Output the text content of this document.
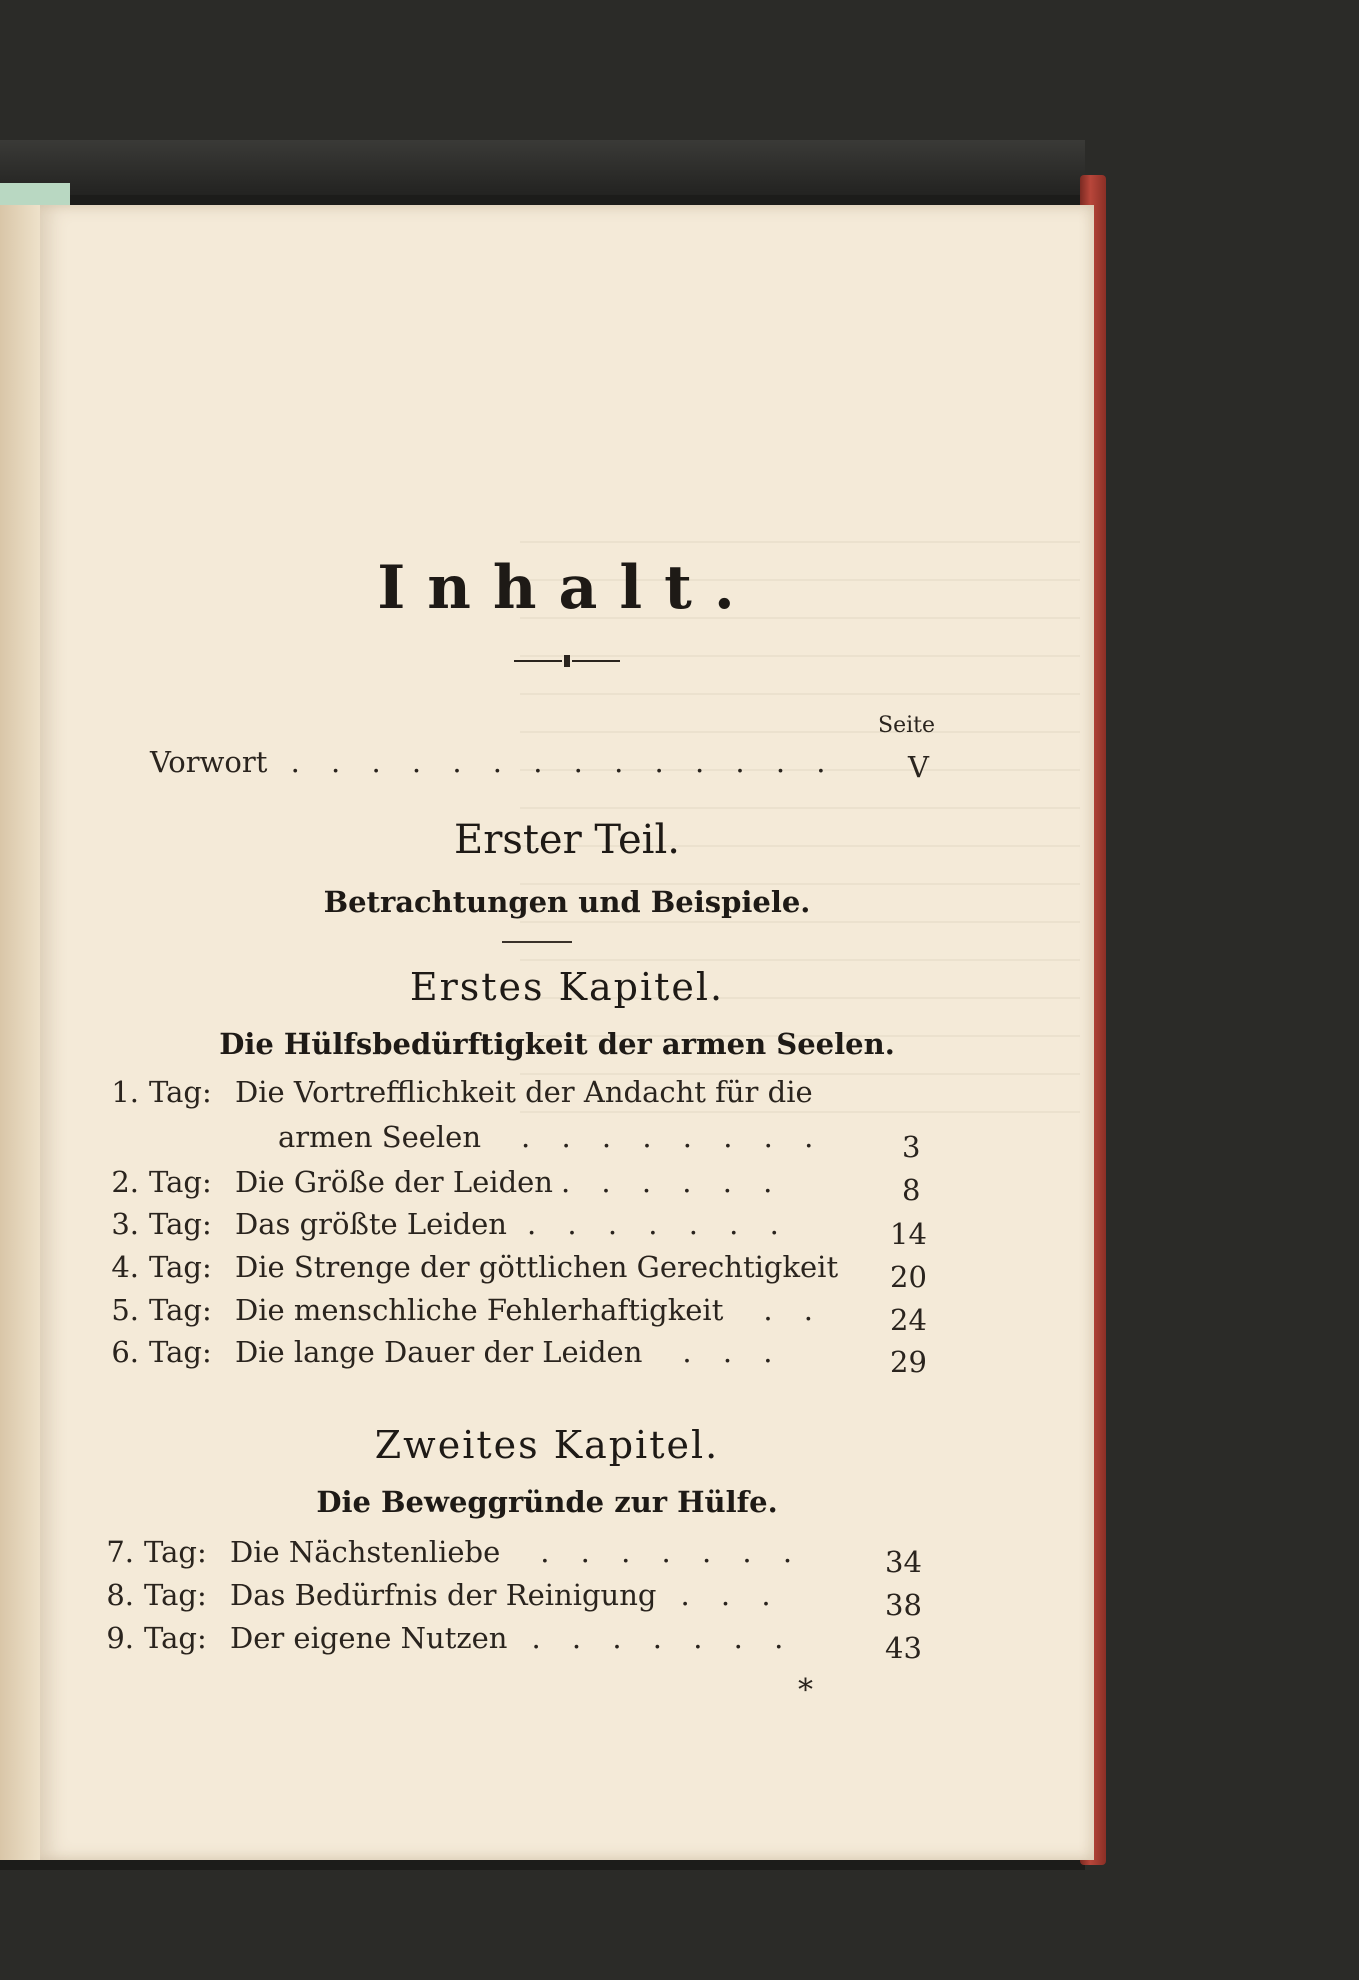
Inhalt.
Seite
Vorwort . . . . . . . . . . . . . . V
Erster Teil.
Betrachtungen und Beispiele.
Erstes Kapitel.
Die Hülfsbedürftigkeit der armen Seelen.
1. Tag: Die Vortrefflichkeit der Andacht für die
armen Seelen . . . . . . . .	3
2. Tag: Die Größe der Leiden . . . . . .	8
3. Tag: Das größte Leiden . . . . . . .	14
4. Tag: Die Strenge der göttlichen Gerechtigkeit 20
5. Tag: Die menschliche Fehlerhaftigkeit . . 24
6. Tag: Die lange Dauer der Leiden . . .	29
Zweites Kapitel.
Die Beweggründe zur Hülfe.
7. Tag: Die Nächstenliebe . . . . . . .	34
8. Tag: Das Bedürfnis der Reinigung . . .	38
9. Tag: Der eigene Nutzen . . . . . . .	43
*
